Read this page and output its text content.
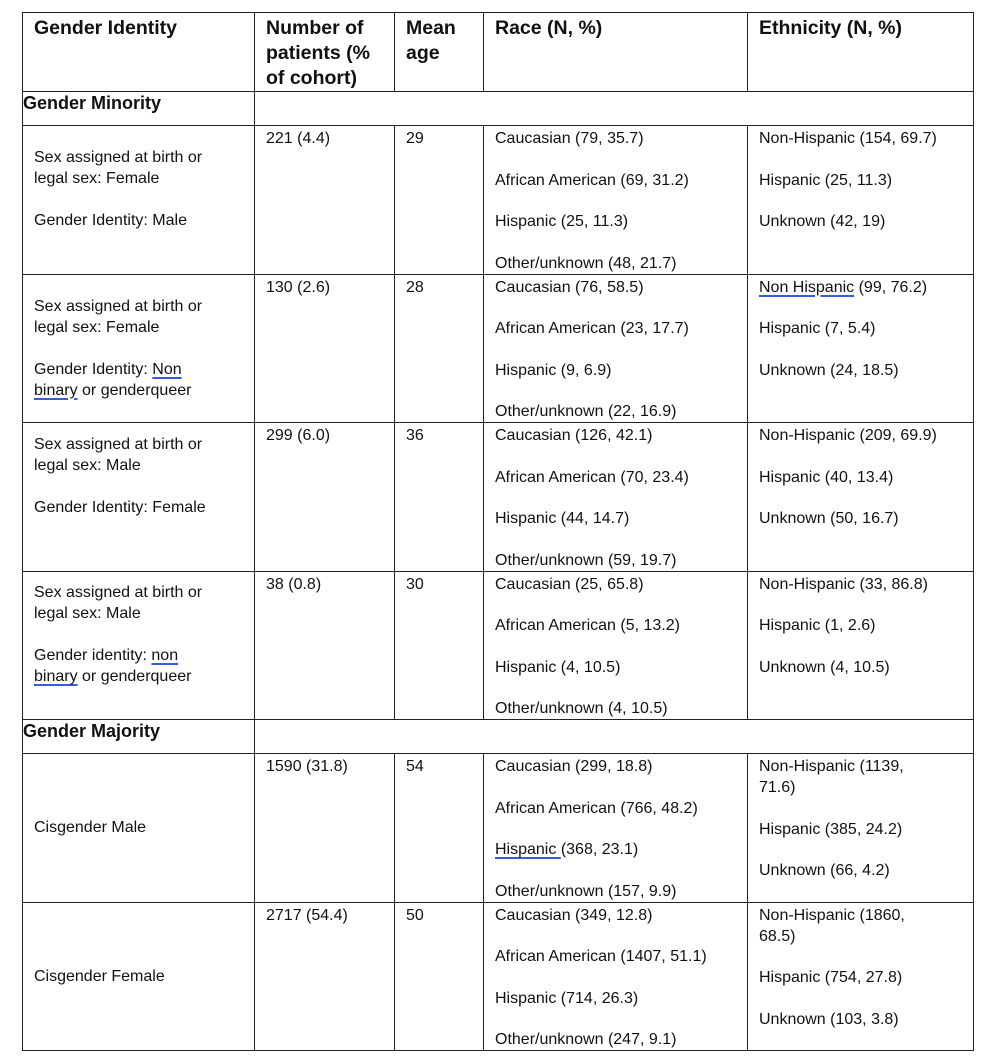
Gender Identity	Number of patients (% of cohort)	Mean age	Race (N, %)	Ethnicity (N, %)
Gender Minority				

Sex assigned at birth or
legal sex: Female
Gender Identity: Male	221 (4.4)	29	Caucasian (79, 35.7)
African American (69, 31.2)
Hispanic (25, 11.3)
Other/unknown (48, 21.7)	Non-Hispanic (154, 69.7)
Hispanic (25, 11.3)
Unknown (42, 19)

Sex assigned at birth or
legal sex: Female
Gender Identity: Non
binary or genderqueer	130 (2.6)	28	Caucasian (76, 58.5)
African American (23, 17.7)
Hispanic (9, 6.9)
Other/unknown (22, 16.9)	Non Hispanic (99, 76.2)
Hispanic (7, 5.4)
Unknown (24, 18.5)

Sex assigned at birth or
legal sex: Male
Gender Identity: Female	299 (6.0)	36	Caucasian (126, 42.1)
African American (70, 23.4)
Hispanic (44, 14.7)
Other/unknown (59, 19.7)	Non-Hispanic (209, 69.9)
Hispanic (40, 13.4)
Unknown (50, 16.7)

Sex assigned at birth or
legal sex: Male
Gender identity: non
binary or genderqueer	38 (0.8)	30	Caucasian (25, 65.8)
African American (5, 13.2)
Hispanic (4, 10.5)
Other/unknown (4, 10.5)	Non-Hispanic (33, 86.8)
Hispanic (1, 2.6)
Unknown (4, 10.5)

Gender Majority				
Cisgender Male	1590 (31.8)	54	Caucasian (299, 18.8)
African American (766, 48.2)
Hispanic (368, 23.1)
Other/unknown (157, 9.9)	Non-Hispanic (1139,
71.6)
Hispanic (385, 24.2)
Unknown (66, 4.2)

Cisgender Female	2717 (54.4)	50	Caucasian (349, 12.8)
African American (1407, 51.1)
Hispanic (714, 26.3)
Other/unknown (247, 9.1)	Non-Hispanic (1860,
68.5)
Hispanic (754, 27.8)
Unknown (103, 3.8)
